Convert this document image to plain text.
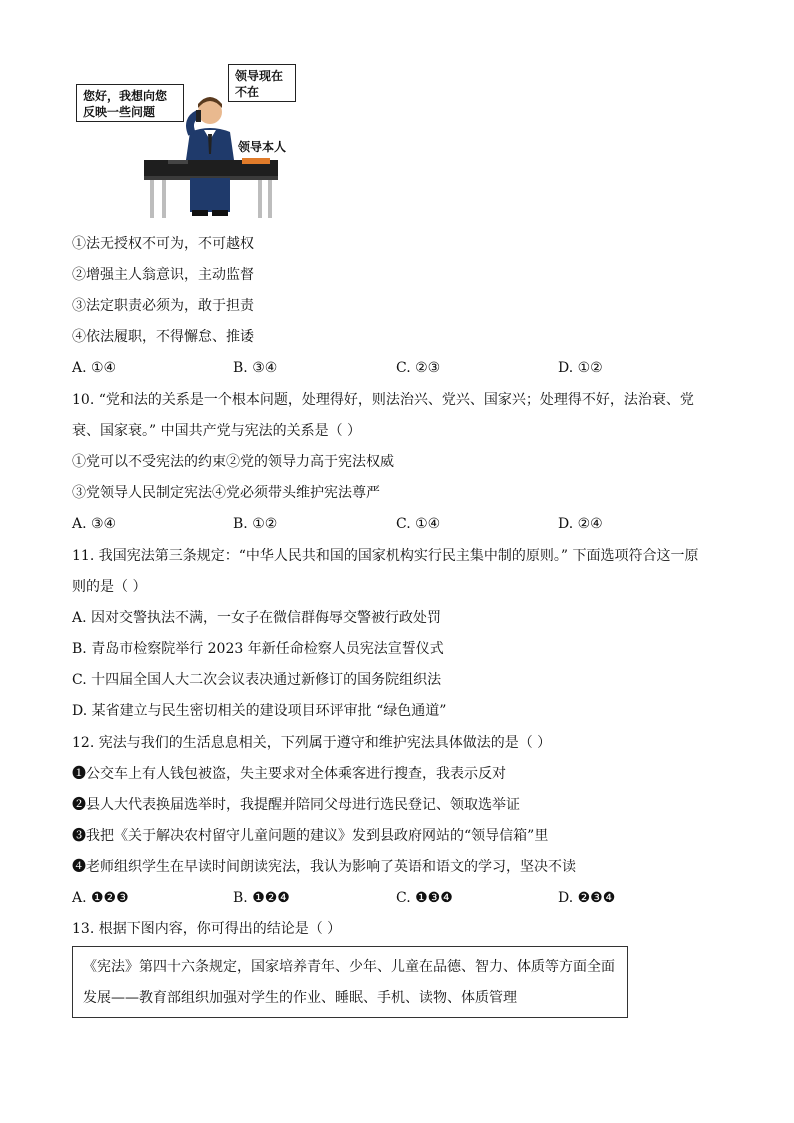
您好，我想向您
反映一些问题
领导现在
不在
领导本人
①法无授权不可为，不可越权
②增强主人翁意识，主动监督
③法定职责必须为，敢于担责
④依法履职，不得懈怠、推诿
A. ①④	B. ③④	C. ②③	D. ①②
10. “党和法的关系是一个根本问题，处理得好，则法治兴、党兴、国家兴；处理得不好，法治衰、党
衰、国家衰。” 中国共产党与宪法的关系是（ ）
①党可以不受宪法的约束②党的领导力高于宪法权威
③党领导人民制定宪法④党必须带头维护宪法尊严
A. ③④	B. ①②	C. ①④	D. ②④
11. 我国宪法第三条规定：“中华人民共和国的国家机构实行民主集中制的原则。” 下面选项符合这一原
则的是（ ）
A. 因对交警执法不满，一女子在微信群侮辱交警被行政处罚
B. 青岛市检察院举行 2023 年新任命检察人员宪法宣誓仪式
C. 十四届全国人大二次会议表决通过新修订的国务院组织法
D. 某省建立与民生密切相关的建设项目环评审批 “绿色通道”
12. 宪法与我们的生活息息相关，下列属于遵守和维护宪法具体做法的是（ ）
❶公交车上有人钱包被盗，失主要求对全体乘客进行搜查，我表示反对
❷县人大代表换届选举时，我提醒并陪同父母进行选民登记、领取选举证
❸我把《关于解决农村留守儿童问题的建议》发到县政府网站的“领导信箱”里
❹老师组织学生在早读时间朗读宪法，我认为影响了英语和语文的学习，坚决不读
A. ❶❷❸	B. ❶❷❹	C. ❶❸❹	D. ❷❸❹
13. 根据下图内容，你可得出的结论是（ ）
《宪法》第四十六条规定，国家培养青年、少年、儿童在品德、智力、体质等方面全面
发展——教育部组织加强对学生的作业、睡眠、手机、读物、体质管理
